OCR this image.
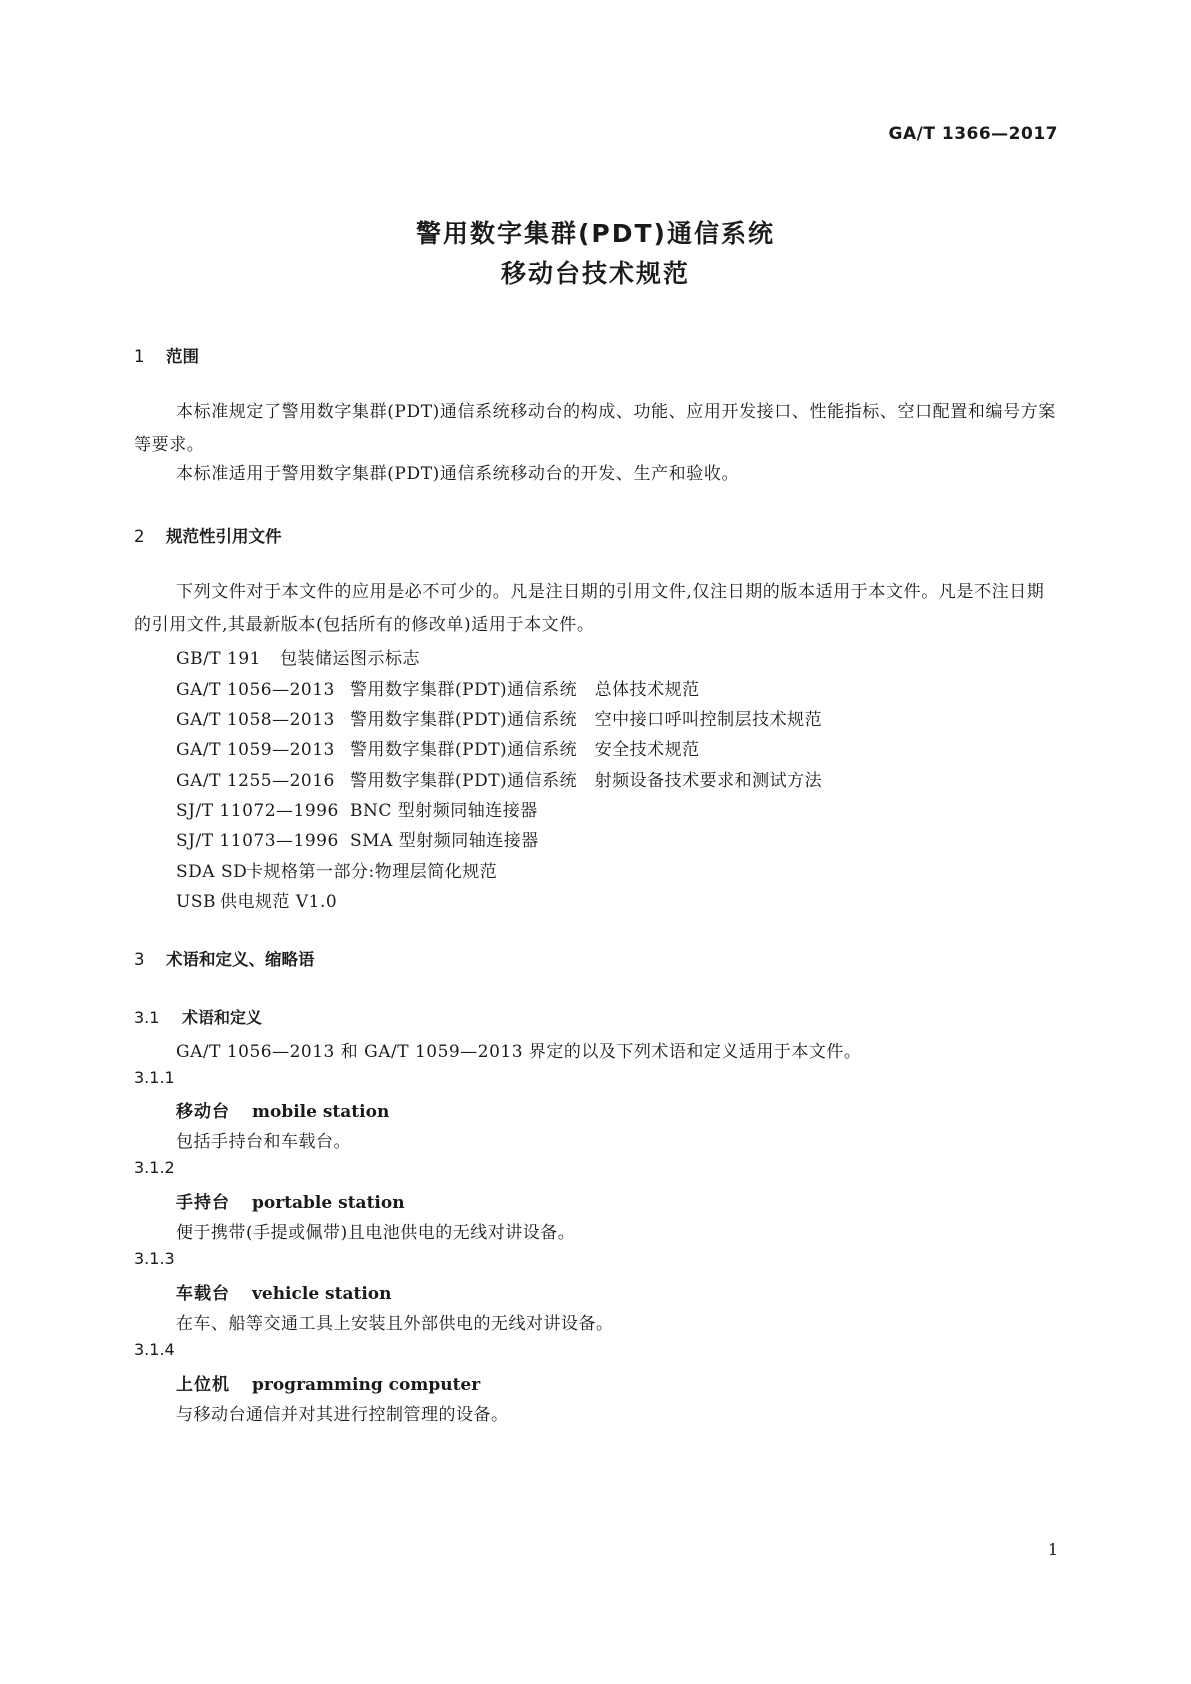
GA/T 1366—2017
警用数字集群(PDT)通信系统
移动台技术规范
1 范围
本标准规定了警用数字集群(PDT)通信系统移动台的构成、功能、应用开发接口、性能指标、空口配置和编号方案等要求。
本标准适用于警用数字集群(PDT)通信系统移动台的开发、生产和验收。
2 规范性引用文件
下列文件对于本文件的应用是必不可少的。凡是注日期的引用文件,仅注日期的版本适用于本文件。凡是不注日期的引用文件,其最新版本(包括所有的修改单)适用于本文件。
GB/T 191 包装储运图示标志
GA/T 1056—2013 警用数字集群(PDT)通信系统　总体技术规范
GA/T 1058—2013 警用数字集群(PDT)通信系统　空中接口呼叫控制层技术规范
GA/T 1059—2013 警用数字集群(PDT)通信系统　安全技术规范
GA/T 1255—2016 警用数字集群(PDT)通信系统　射频设备技术要求和测试方法
SJ/T 11072—1996 BNC 型射频同轴连接器
SJ/T 11073—1996 SMA 型射频同轴连接器
SDA SD卡规格第一部分:物理层简化规范
USB 供电规范 V1.0
3 术语和定义、缩略语
3.1 术语和定义
GA/T 1056—2013 和 GA/T 1059—2013 界定的以及下列术语和定义适用于本文件。
3.1.1
移动台 mobile station
包括手持台和车载台。
3.1.2
手持台 portable station
便于携带(手提或佩带)且电池供电的无线对讲设备。
3.1.3
车载台 vehicle station
在车、船等交通工具上安装且外部供电的无线对讲设备。
3.1.4
上位机 programming computer
与移动台通信并对其进行控制管理的设备。
1
